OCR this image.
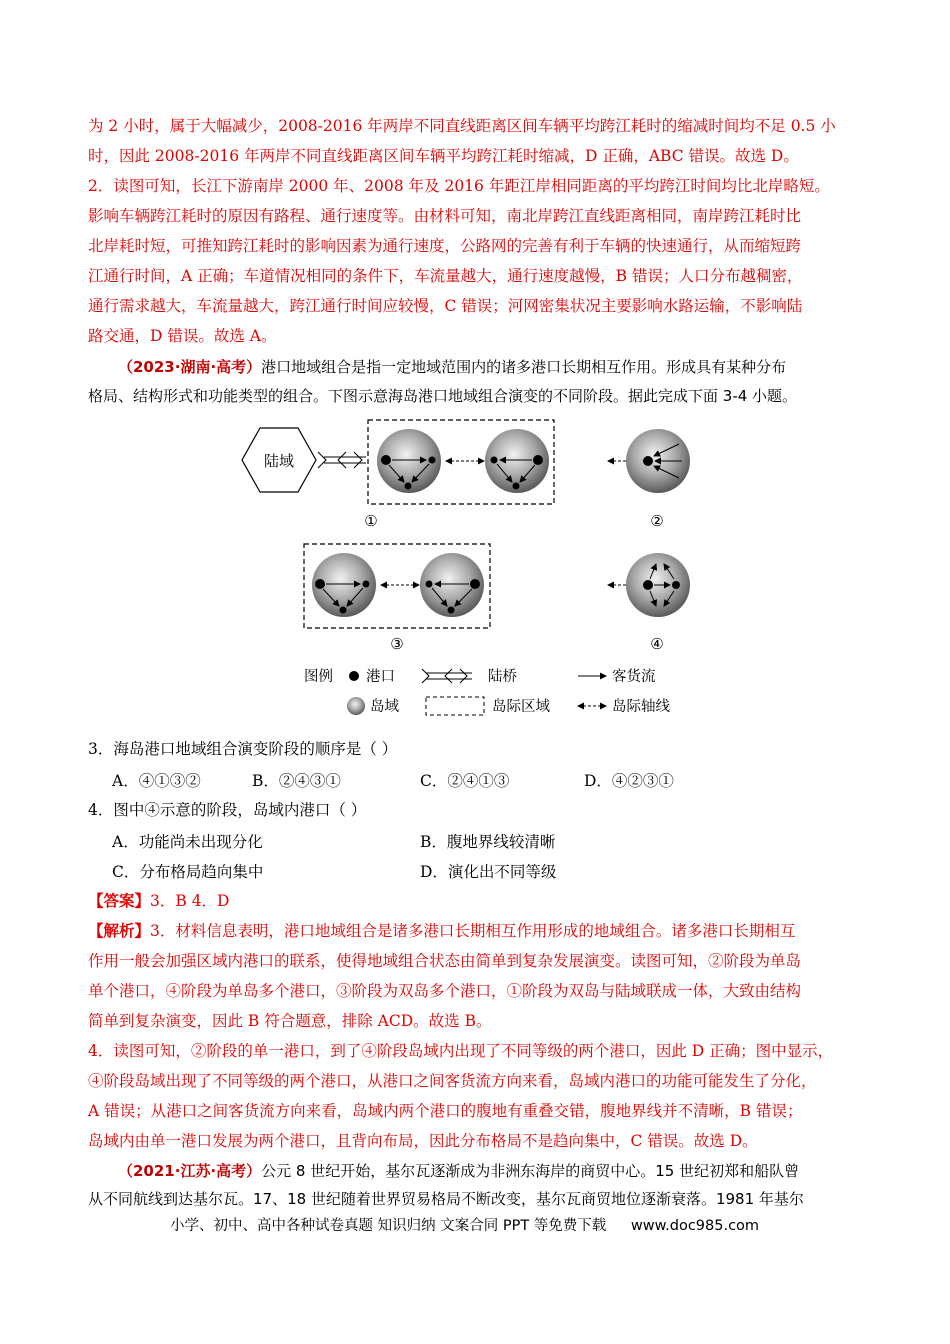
为 2 小时，属于大幅减少，2008-2016 年两岸不同直线距离区间车辆平均跨江耗时的缩减时间均不足 0.5 小
时，因此 2008-2016 年两岸不同直线距离区间车辆平均跨江耗时缩减，D 正确，ABC 错误。故选 D。
2．读图可知，长江下游南岸 2000 年、2008 年及 2016 年距江岸相同距离的平均跨江时间均比北岸略短。
影响车辆跨江耗时的原因有路程、通行速度等。由材料可知，南北岸跨江直线距离相同，南岸跨江耗时比
北岸耗时短，可推知跨江耗时的影响因素为通行速度，公路网的完善有利于车辆的快速通行，从而缩短跨
江通行时间，A 正确；车道情况相同的条件下，车流量越大，通行速度越慢，B 错误；人口分布越稠密，
通行需求越大，车流量越大，跨江通行时间应较慢，C 错误；河网密集状况主要影响水路运输，不影响陆
路交通，D 错误。故选 A。
（2023·湖南·高考）港口地域组合是指一定地域范围内的诸多港口长期相互作用。形成具有某种分布
格局、结构形式和功能类型的组合。下图示意海岛港口地域组合演变的不同阶段。据此完成下面 3-4 小题。
陆域
①	②
③	④
图例 港口	陆桥	客货流
岛域	岛际区域	岛际轴线
3．海岛港口地域组合演变阶段的顺序是（ ）
A．④①③②	B．②④③①	C．②④①③	D．④②③①
4．图中④示意的阶段，岛域内港口（ ）
A．功能尚未出现分化	B．腹地界线较清晰
C．分布格局趋向集中	D．演化出不同等级
【答案】3．B 4．D
【解析】3．材料信息表明，港口地域组合是诸多港口长期相互作用形成的地域组合。诸多港口长期相互
作用一般会加强区域内港口的联系，使得地域组合状态由简单到复杂发展演变。读图可知，②阶段为单岛
单个港口，④阶段为单岛多个港口，③阶段为双岛多个港口，①阶段为双岛与陆域联成一体，大致由结构
简单到复杂演变，因此 B 符合题意，排除 ACD。故选 B。
4．读图可知，②阶段的单一港口，到了④阶段岛域内出现了不同等级的两个港口，因此 D 正确；图中显示，
④阶段岛域出现了不同等级的两个港口，从港口之间客货流方向来看，岛域内港口的功能可能发生了分化，
A 错误；从港口之间客货流方向来看，岛域内两个港口的腹地有重叠交错，腹地界线并不清晰，B 错误；
岛域内由单一港口发展为两个港口，且背向布局，因此分布格局不是趋向集中，C 错误。故选 D。
（2021·江苏·高考）公元 8 世纪开始，基尔瓦逐渐成为非洲东海岸的商贸中心。15 世纪初郑和船队曾
从不同航线到达基尔瓦。17、18 世纪随着世界贸易格局不断改变，基尔瓦商贸地位逐渐衰落。1981 年基尔
小学、初中、高中各种试卷真题 知识归纳 文案合同 PPT 等免费下载 www.doc985.com
